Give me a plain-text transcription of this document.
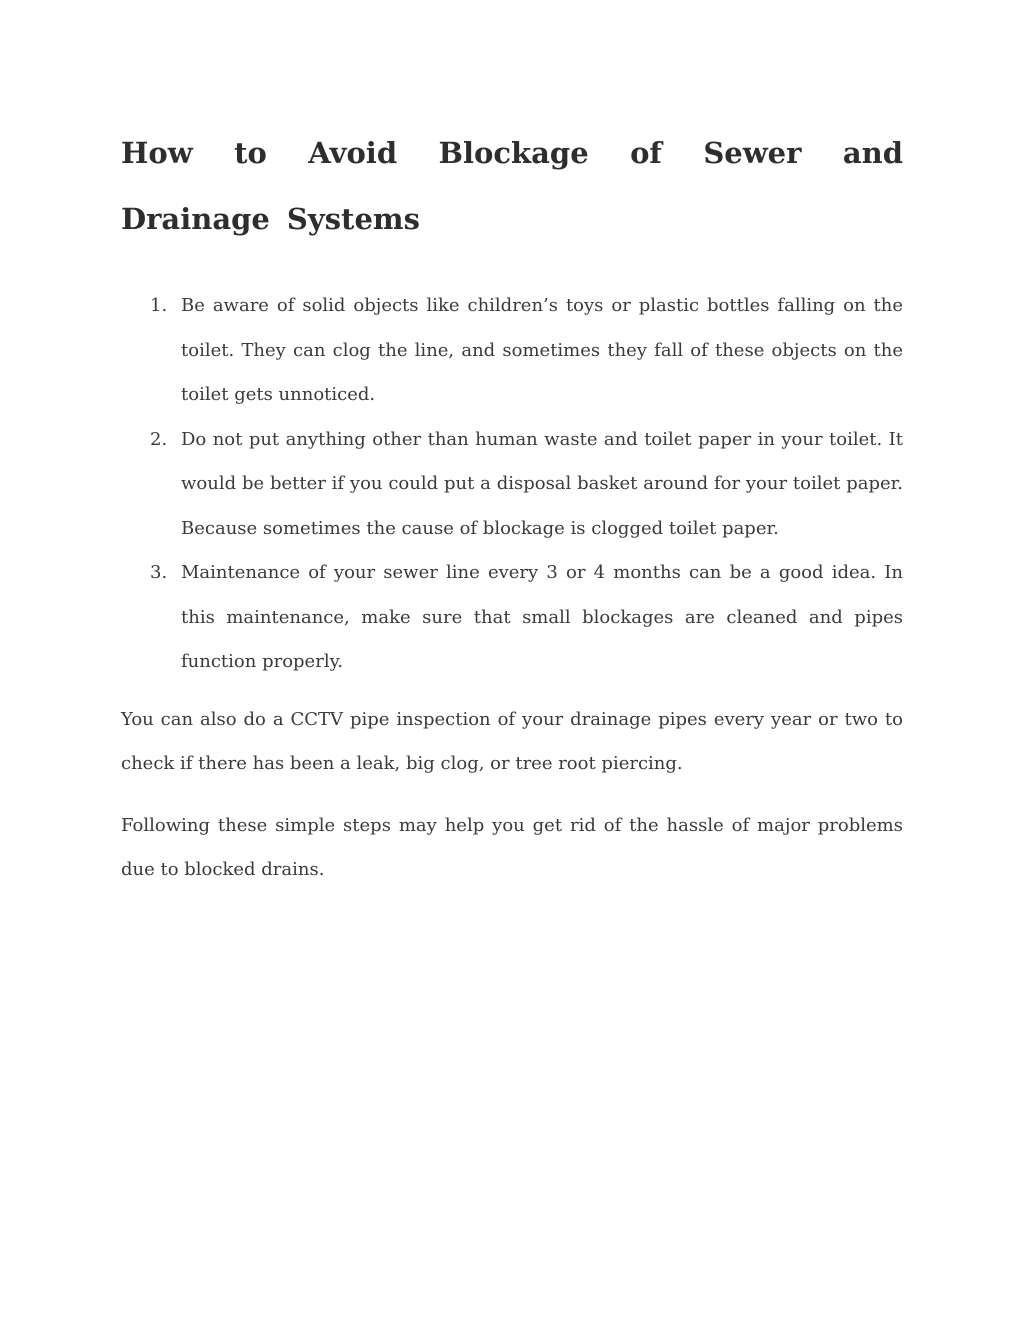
How to Avoid Blockage of Sewer and Drainage Systems
1. Be aware of solid objects like children’s toys or plastic bottles falling on the toilet. They can clog the line, and sometimes they fall of these objects on the toilet gets unnoticed.
2. Do not put anything other than human waste and toilet paper in your toilet. It would be better if you could put a disposal basket around for your toilet paper. Because sometimes the cause of blockage is clogged toilet paper.
3. Maintenance of your sewer line every 3 or 4 months can be a good idea. In this maintenance, make sure that small blockages are cleaned and pipes function properly.

You can also do a CCTV pipe inspection of your drainage pipes every year or two to check if there has been a leak, big clog, or tree root piercing.

Following these simple steps may help you get rid of the hassle of major problems due to blocked drains.
